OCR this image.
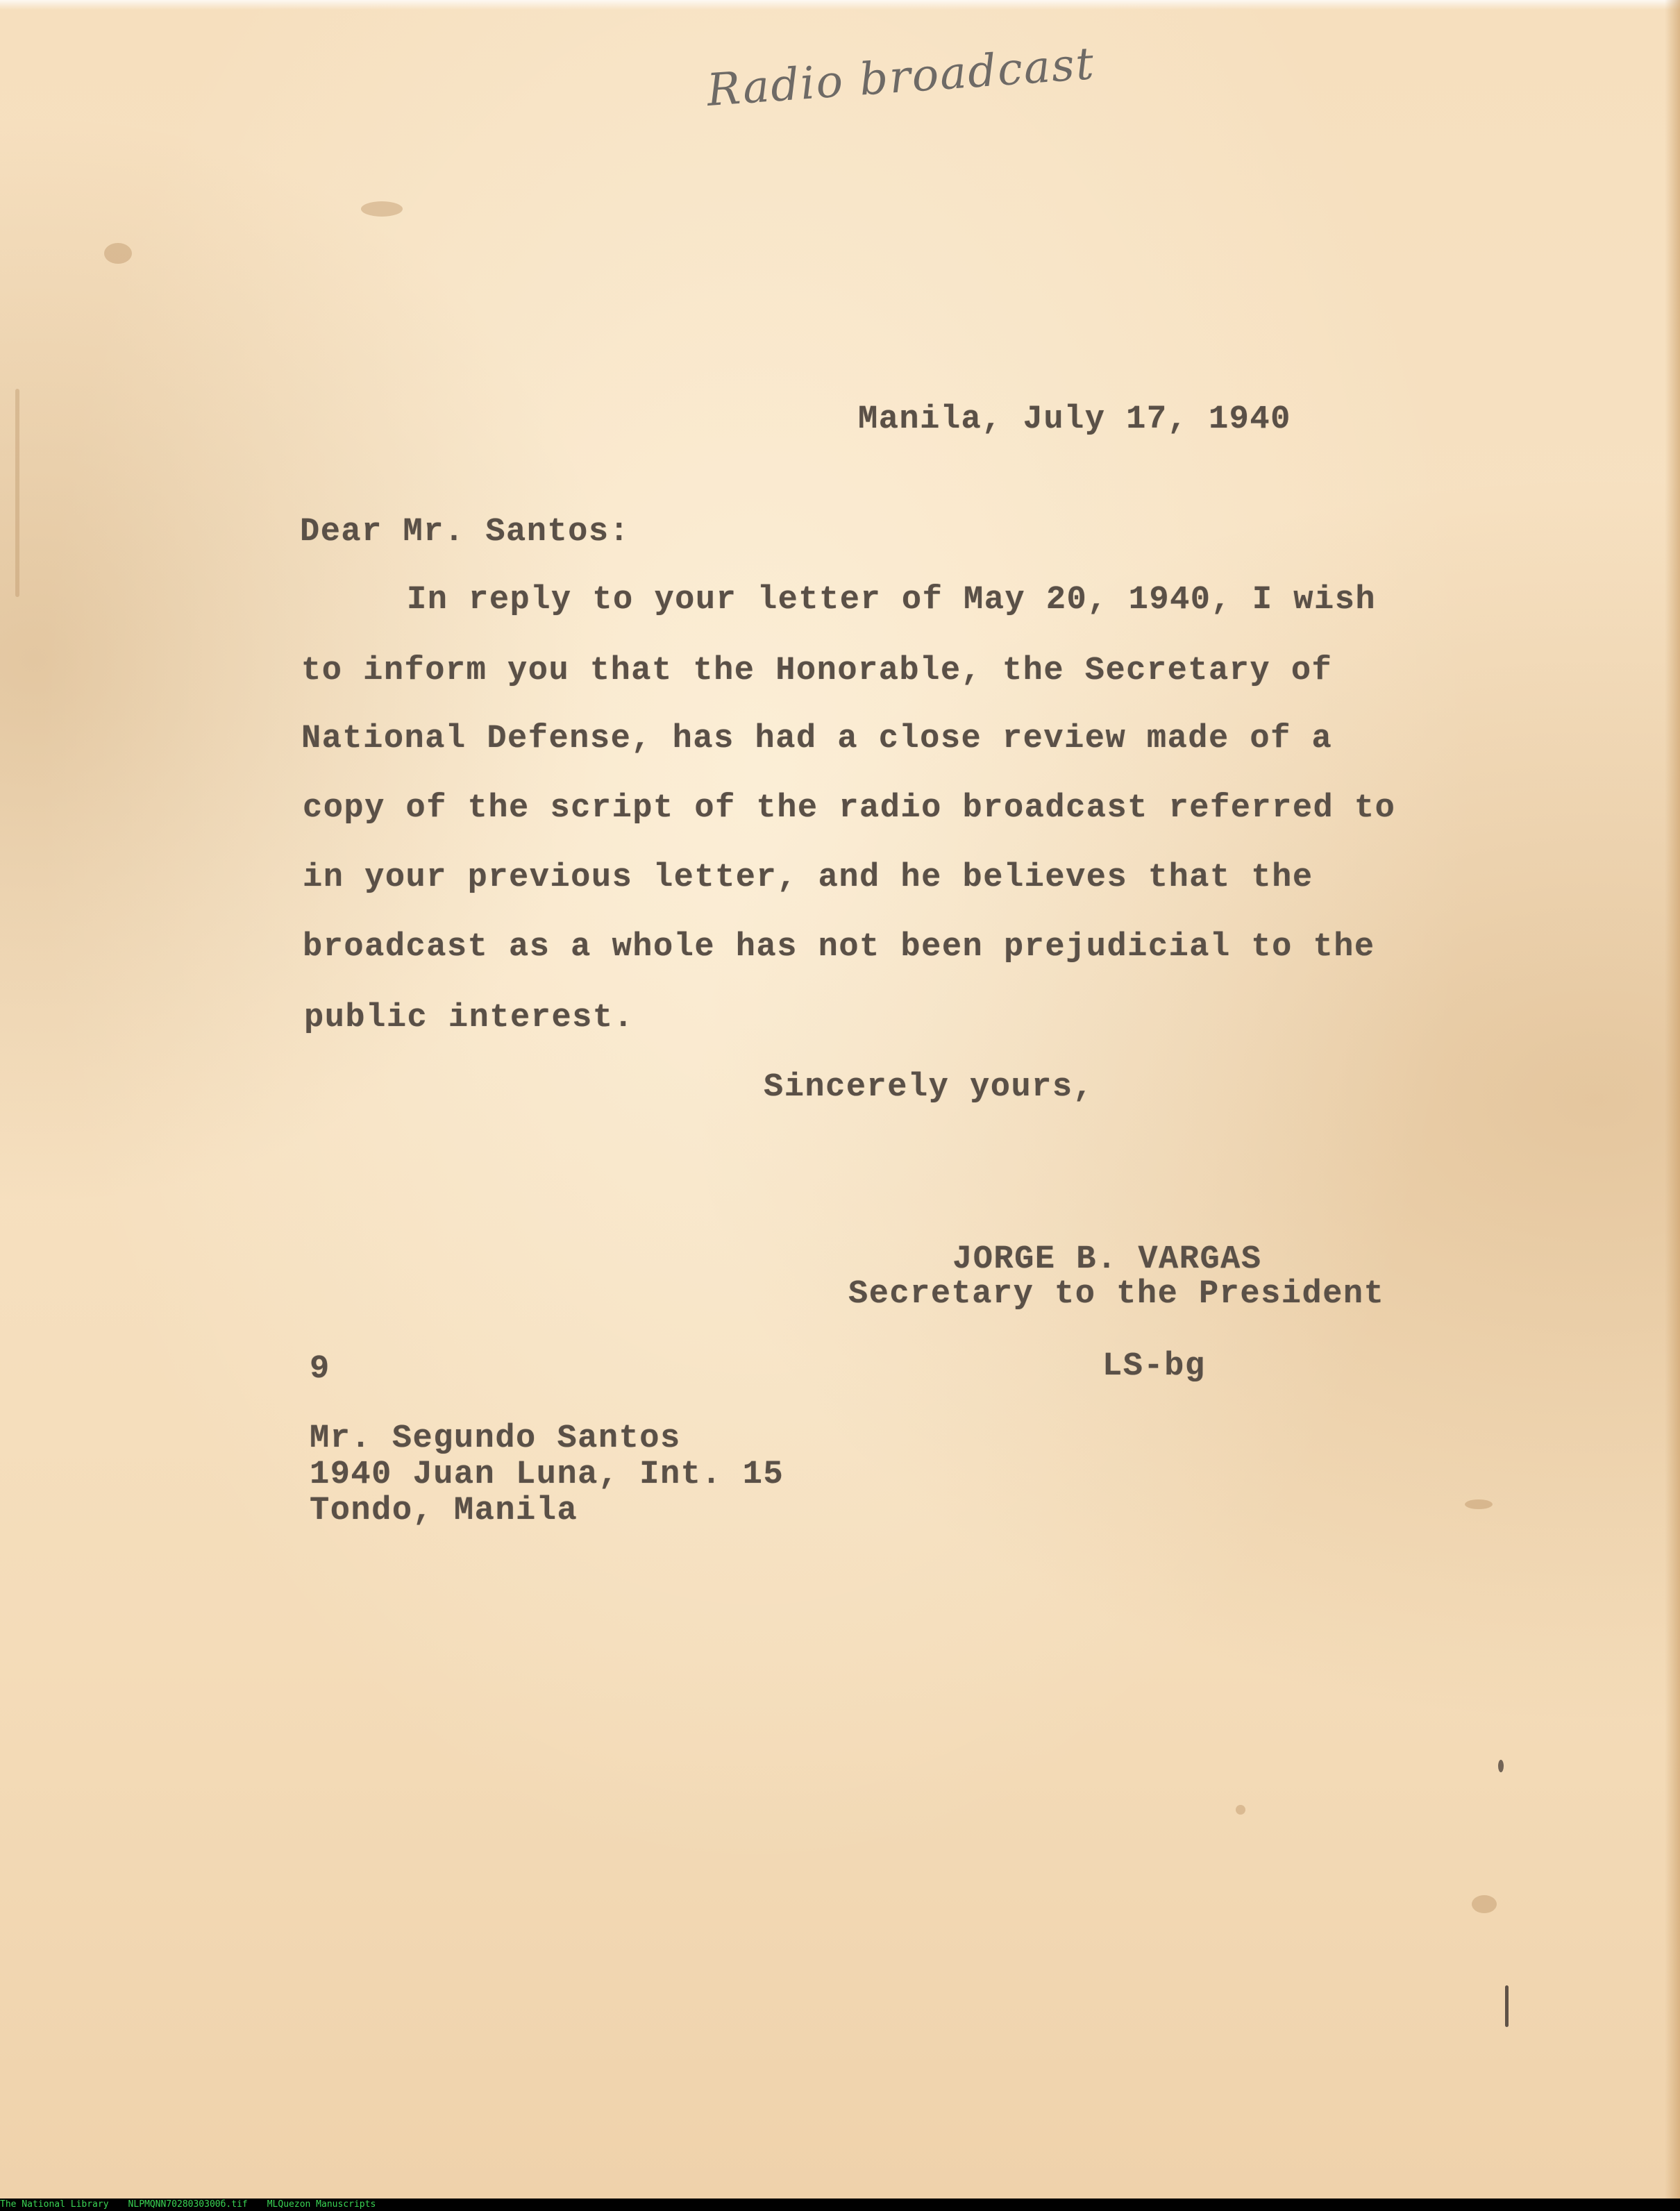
Radio broadcast
Manila, July 17, 1940
Dear Mr. Santos:
In reply to your letter of May 20, 1940, I wish
to inform you that the Honorable, the Secretary of
National Defense, has had a close review made of a
copy of the script of the radio broadcast referred to
in your previous letter, and he believes that the
broadcast as a whole has not been prejudicial to the
public interest.
Sincerely yours,
JORGE B. VARGAS
Secretary to the President
9	LS-bg
Mr. Segundo Santos
1940 Juan Luna, Int. 15
Tondo, Manila
The National Library NLPMQNN7028030300б.tif MLQuezon Manuscripts
